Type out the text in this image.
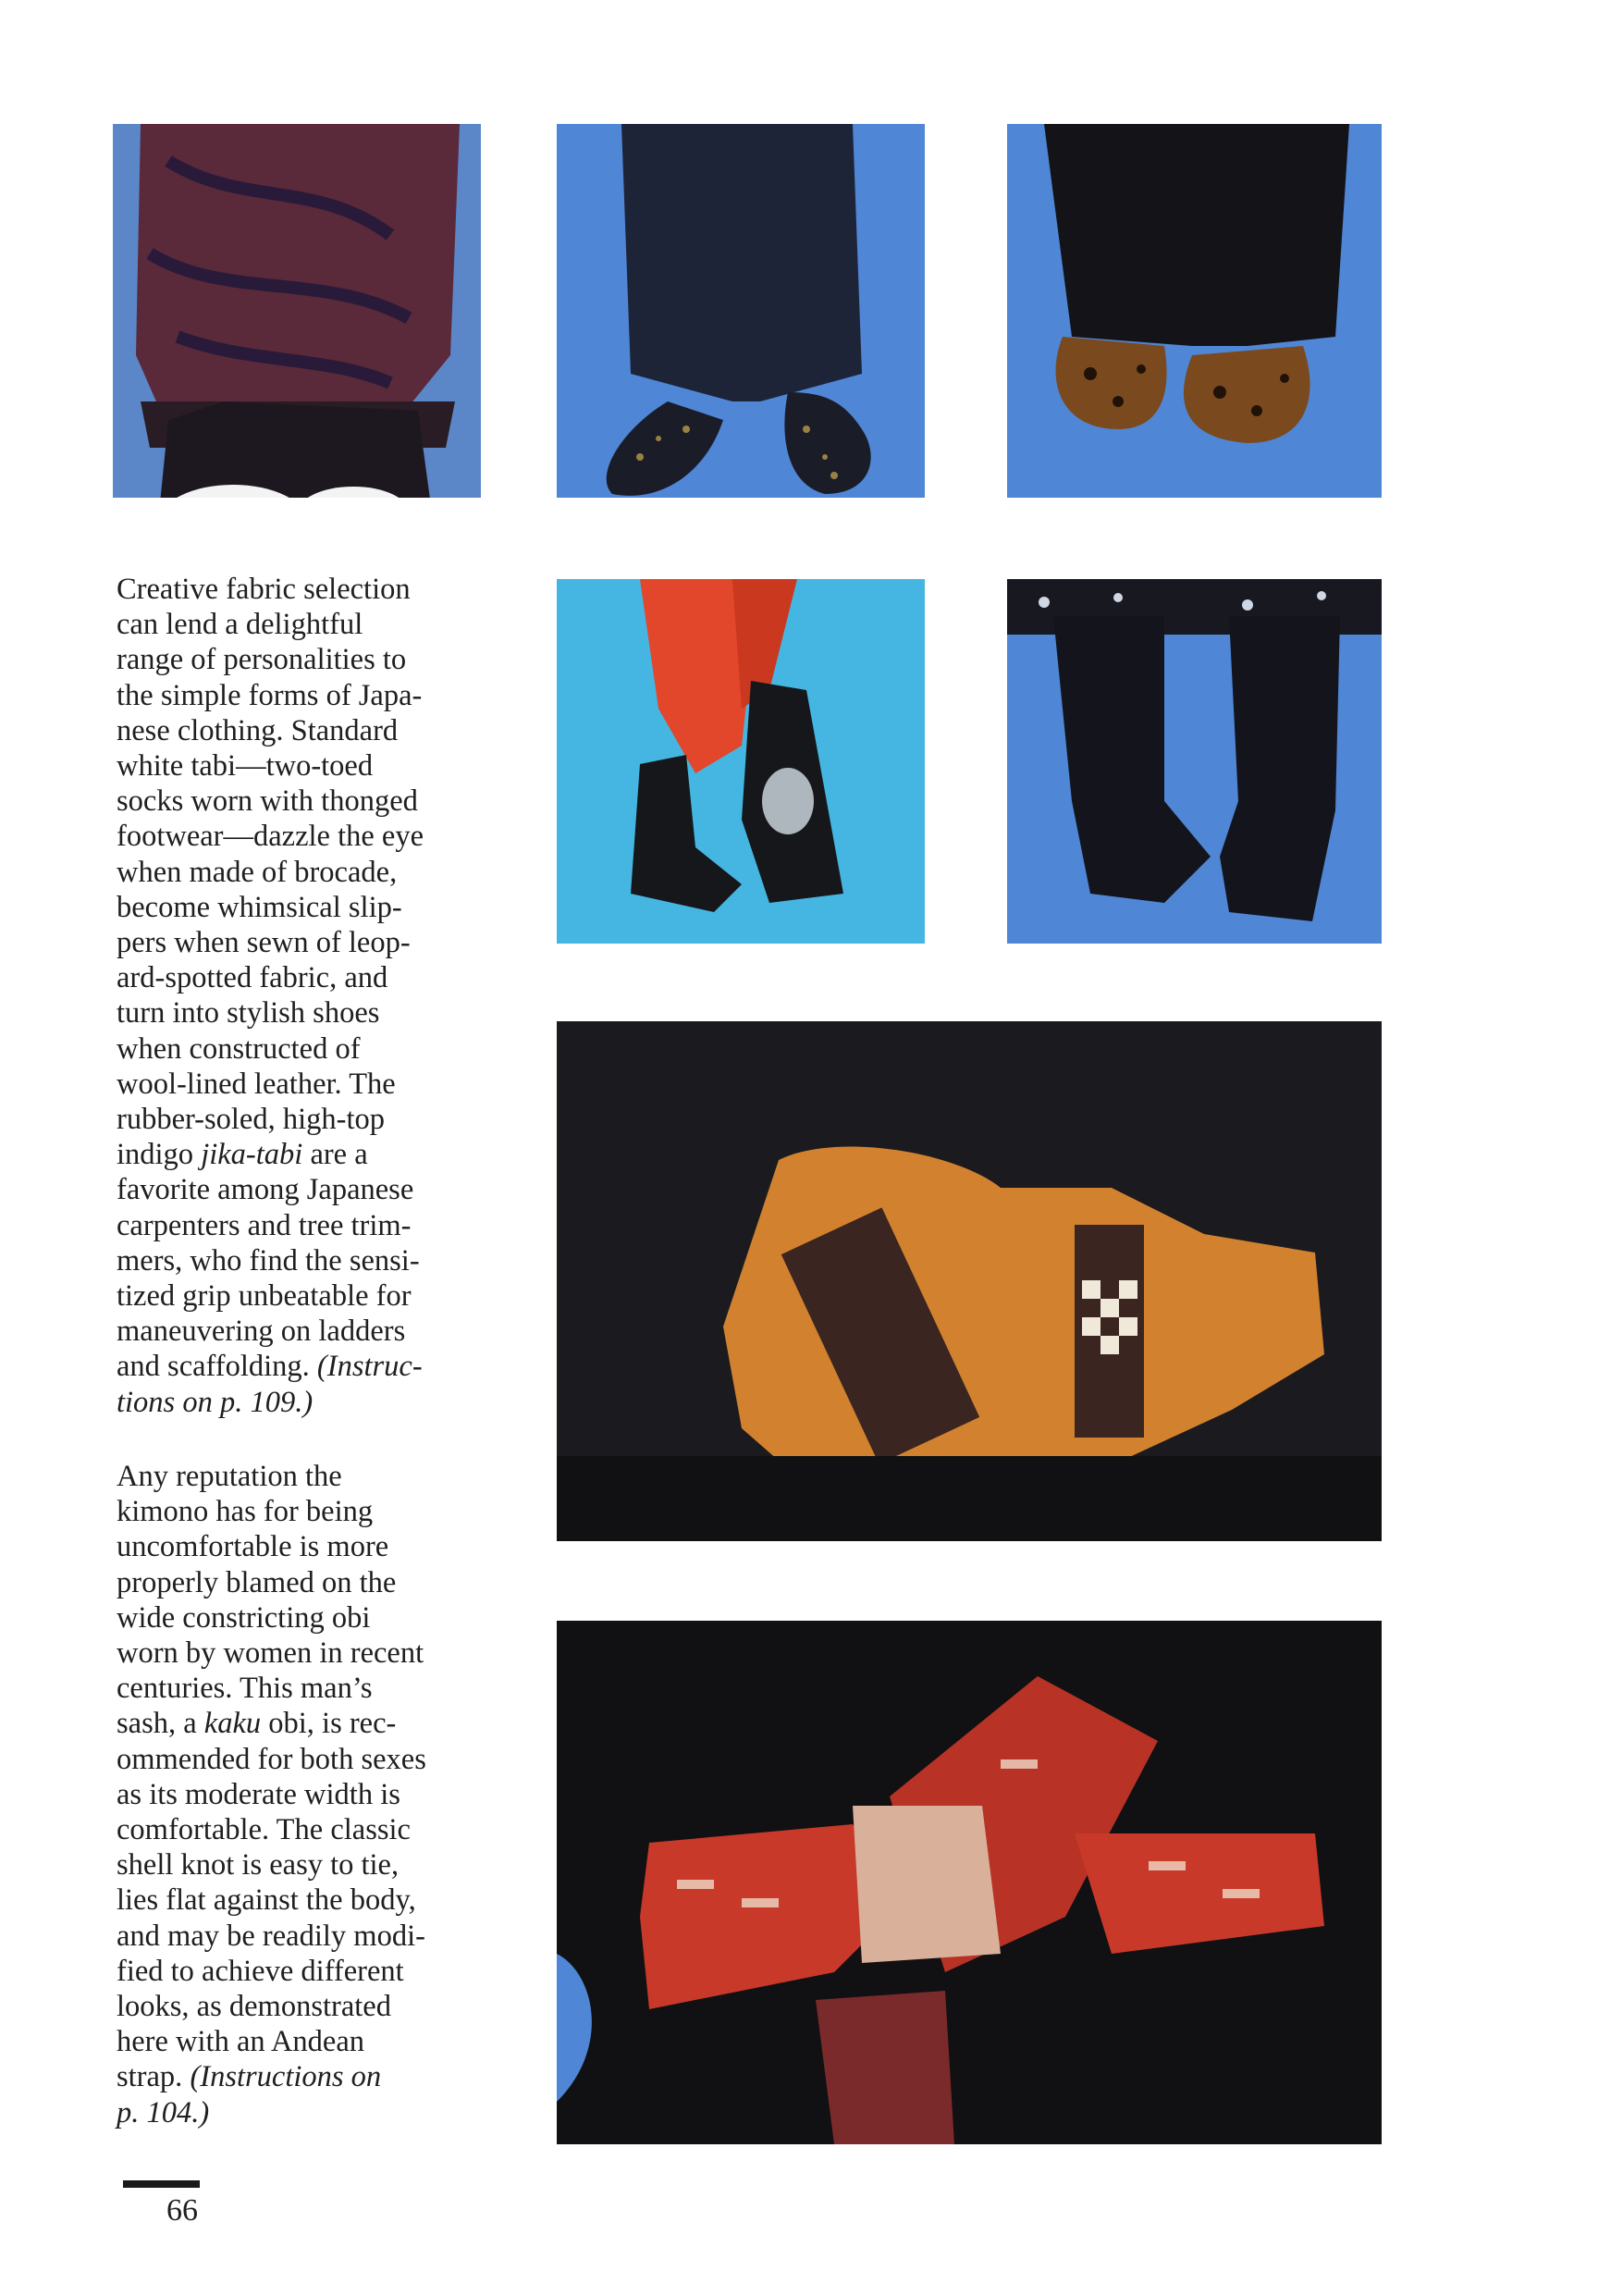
Creative fabric selection
can lend a delightful
range of personalities to
the simple forms of Japa-
nese clothing. Standard
white tabi—two-toed
socks worn with thonged
footwear—dazzle the eye
when made of brocade,
become whimsical slip-
pers when sewn of leop-
ard-spotted fabric, and
turn into stylish shoes
when constructed of
wool-lined leather. The
rubber-soled, high-top
indigo jika-tabi are a
favorite among Japanese
carpenters and tree trim-
mers, who find the sensi-
tized grip unbeatable for
maneuvering on ladders
and scaffolding. (Instruc-
tions on p. 109.)

Any reputation the
kimono has for being
uncomfortable is more
properly blamed on the
wide constricting obi
worn by women in recent
centuries. This man’s
sash, a kaku obi, is rec-
ommended for both sexes
as its moderate width is
comfortable. The classic
shell knot is easy to tie,
lies flat against the body,
and may be readily modi-
fied to achieve different
looks, as demonstrated
here with an Andean
strap. (Instructions on
p. 104.)

66
